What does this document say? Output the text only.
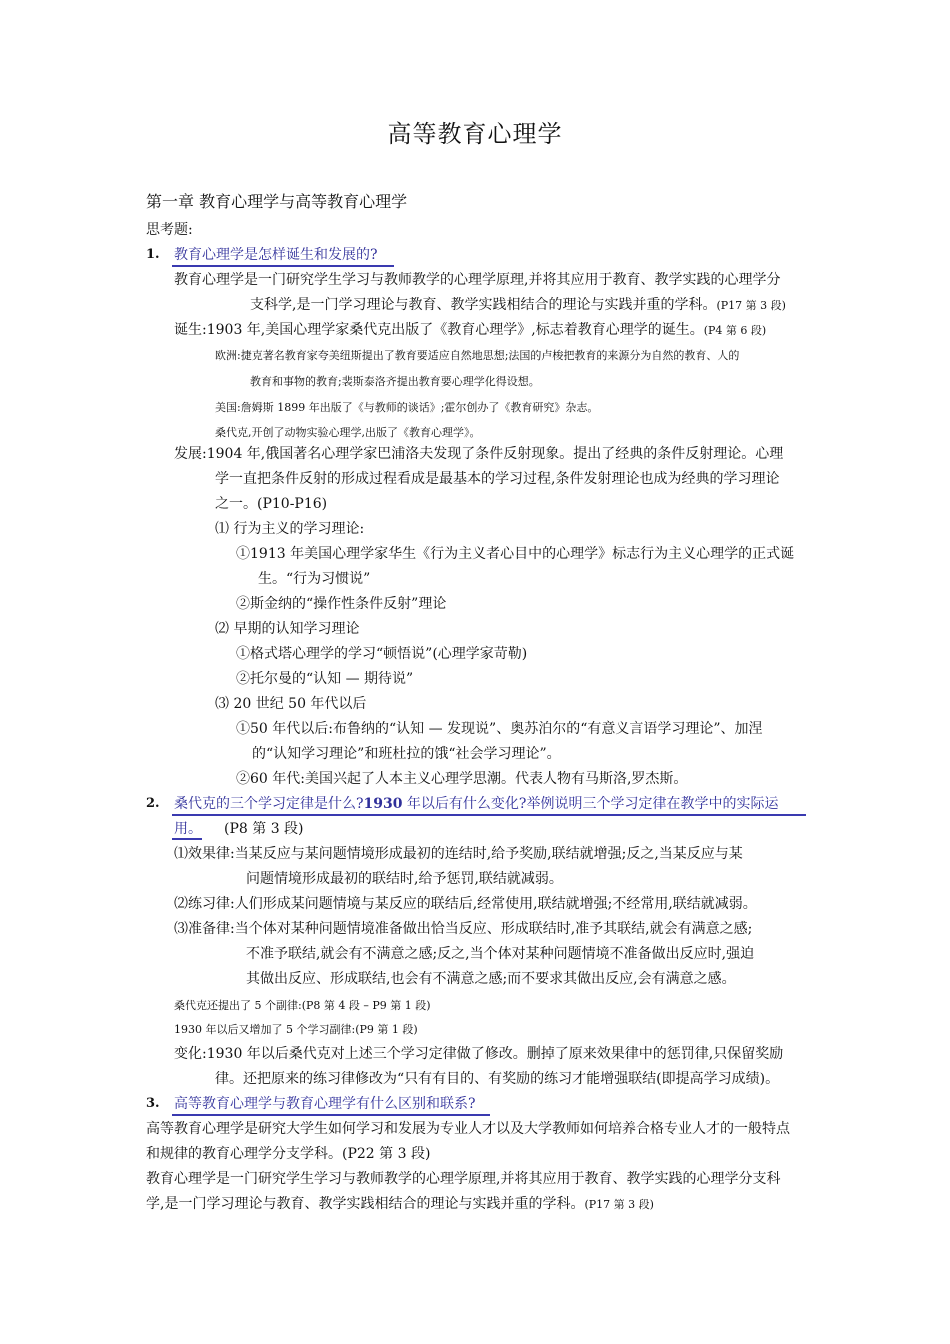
高等教育心理学
第一章 教育心理学与高等教育心理学
思考题:
1. 教育心理学是怎样诞生和发展的?
教育心理学是一门研究学生学习与教师教学的心理学原理,并将其应用于教育、教学实践的心理学分
支科学,是一门学习理论与教育、教学实践相结合的理论与实践并重的学科。(P17 第 3 段)
诞生:1903 年,美国心理学家桑代克出版了《教育心理学》,标志着教育心理学的诞生。(P4 第 6 段)
欧洲:捷克著名教育家夸美纽斯提出了教育要适应自然地思想;法国的卢梭把教育的来源分为自然的教育、人的
教育和事物的教育;裴斯泰洛齐提出教育要心理学化得设想。
美国:詹姆斯 1899 年出版了《与教师的谈话》;霍尔创办了《教育研究》杂志。
桑代克,开创了动物实验心理学,出版了《教育心理学》。
发展:1904 年,俄国著名心理学家巴浦洛夫发现了条件反射现象。提出了经典的条件反射理论。心理
学一直把条件反射的形成过程看成是最基本的学习过程,条件发射理论也成为经典的学习理论
之一。(P10-P16)
⑴ 行为主义的学习理论:
①1913 年美国心理学家华生《行为主义者心目中的心理学》标志行为主义心理学的正式诞
生。“行为习惯说”
②斯金纳的“操作性条件反射”理论
⑵ 早期的认知学习理论
①格式塔心理学的学习“顿悟说”(心理学家苛勒)
②托尔曼的“认知 — 期待说”
⑶ 20 世纪 50 年代以后
①50 年代以后:布鲁纳的“认知 — 发现说”、奥苏泊尔的“有意义言语学习理论”、加涅
的“认知学习理论”和班杜拉的饿“社会学习理论”。
②60 年代:美国兴起了人本主义心理学思潮。代表人物有马斯洛,罗杰斯。
2. 桑代克的三个学习定律是什么?1930 年以后有什么变化?举例说明三个学习定律在教学中的实际运
用。 (P8 第 3 段)
⑴效果律:当某反应与某问题情境形成最初的连结时,给予奖励,联结就增强;反之,当某反应与某
问题情境形成最初的联结时,给予惩罚,联结就减弱。
⑵练习律:人们形成某问题情境与某反应的联结后,经常使用,联结就增强;不经常用,联结就减弱。
⑶准备律:当个体对某种问题情境准备做出恰当反应、形成联结时,准予其联结,就会有满意之感;
不准予联结,就会有不满意之感;反之,当个体对某种问题情境不准备做出反应时,强迫
其做出反应、形成联结,也会有不满意之感;而不要求其做出反应,会有满意之感。
桑代克还提出了 5 个副律:(P8 第 4 段 – P9 第 1 段)
1930 年以后又增加了 5 个学习副律:(P9 第 1 段)
变化:1930 年以后桑代克对上述三个学习定律做了修改。删掉了原来效果律中的惩罚律,只保留奖励
律。还把原来的练习律修改为“只有有目的、有奖励的练习才能增强联结(即提高学习成绩)。
3. 高等教育心理学与教育心理学有什么区别和联系?
高等教育心理学是研究大学生如何学习和发展为专业人才以及大学教师如何培养合格专业人才的一般特点
和规律的教育心理学分支学科。(P22 第 3 段)
教育心理学是一门研究学生学习与教师教学的心理学原理,并将其应用于教育、教学实践的心理学分支科
学,是一门学习理论与教育、教学实践相结合的理论与实践并重的学科。(P17 第 3 段)
